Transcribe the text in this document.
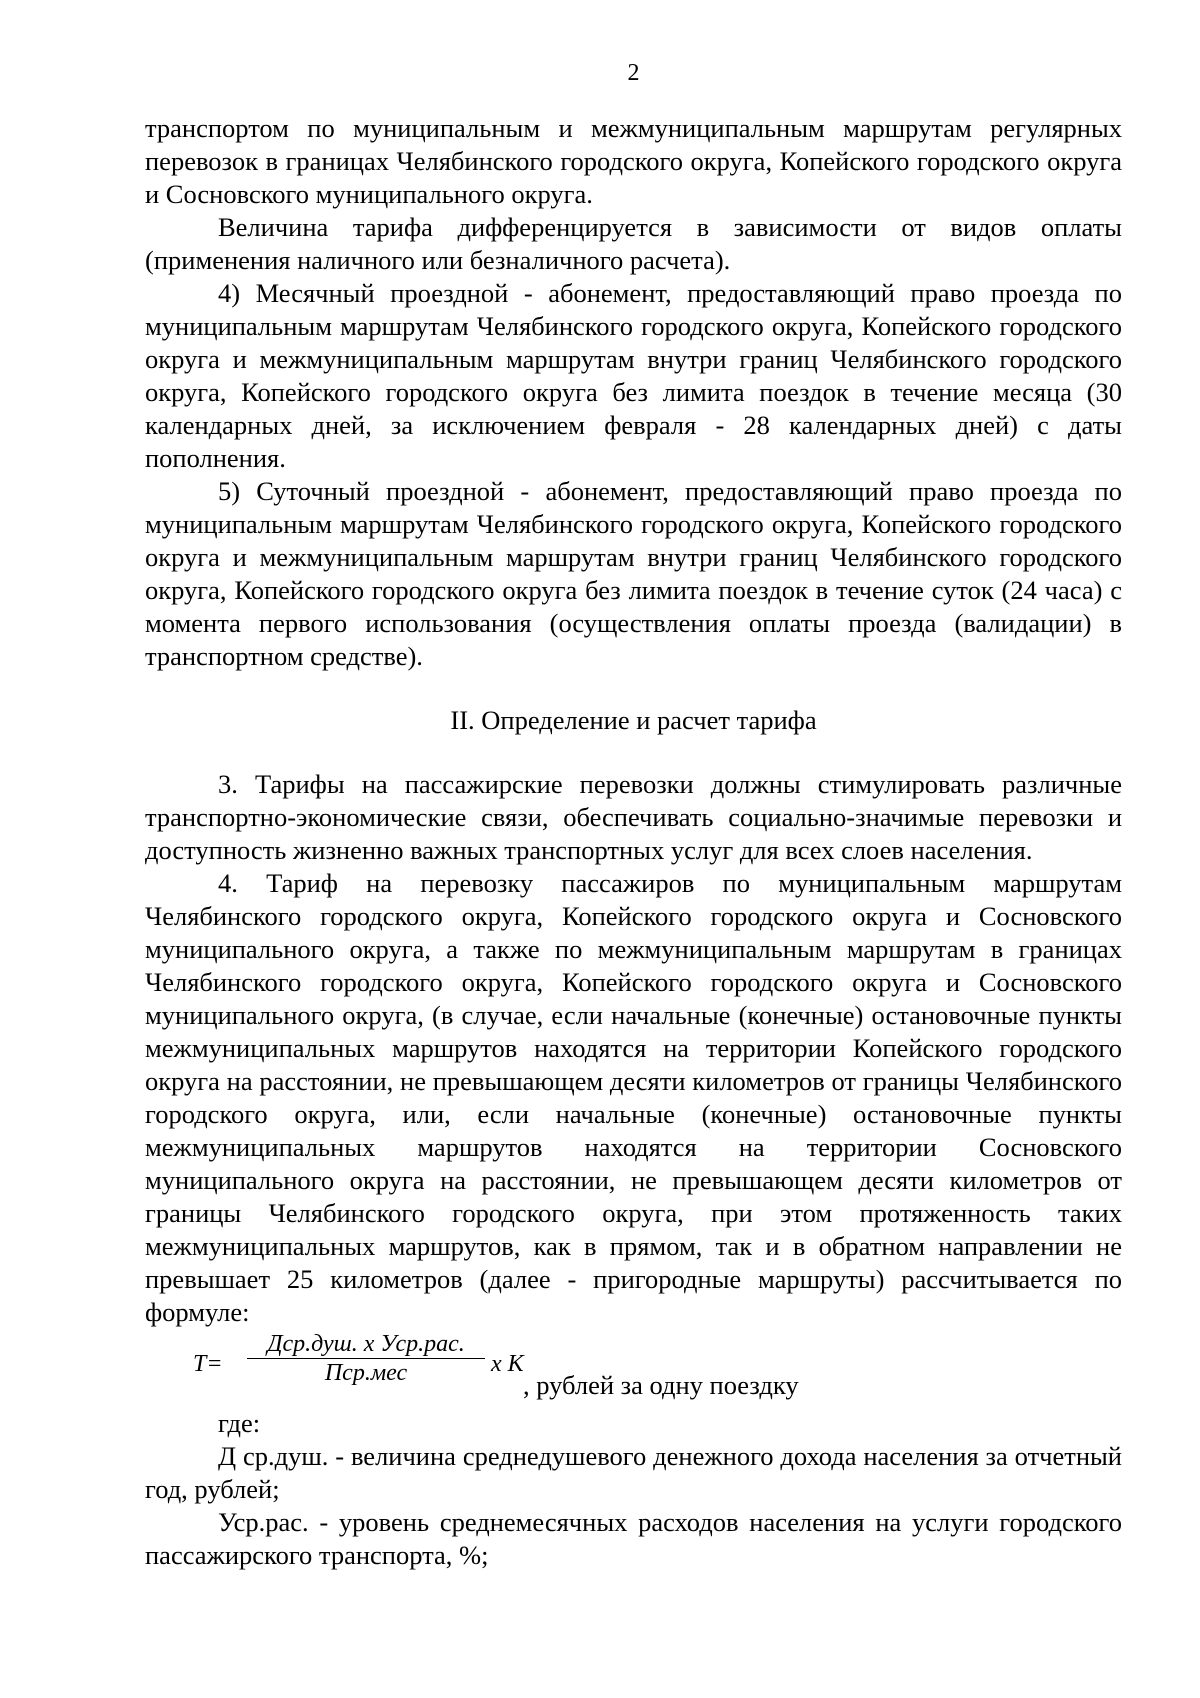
2

транспортом по муниципальным и межмуниципальным маршрутам регулярных перевозок в границах Челябинского городского округа, Копейского городского округа и Сосновского муниципального округа.

Величина тарифа дифференцируется в зависимости от видов оплаты (применения наличного или безналичного расчета).

4) Месячный проездной - абонемент, предоставляющий право проезда по муниципальным маршрутам Челябинского городского округа, Копейского городского округа и межмуниципальным маршрутам внутри границ Челябинского городского округа, Копейского городского округа без лимита поездок в течение месяца (30 календарных дней, за исключением февраля - 28 календарных дней) с даты пополнения.

5) Суточный проездной - абонемент, предоставляющий право проезда по муниципальным маршрутам Челябинского городского округа, Копейского городского округа и межмуниципальным маршрутам внутри границ Челябинского городского округа, Копейского городского округа без лимита поездок в течение суток (24 часа) с момента первого использования (осуществления оплаты проезда (валидации) в транспортном средстве).

II. Определение и расчет тарифа

3. Тарифы на пассажирские перевозки должны стимулировать различные транспортно-экономические связи, обеспечивать социально-значимые перевозки и доступность жизненно важных транспортных услуг для всех слоев населения.

4. Тариф на перевозку пассажиров по муниципальным маршрутам Челябинского городского округа, Копейского городского округа и Сосновского муниципального округа, а также по межмуниципальным маршрутам в границах Челябинского городского округа, Копейского городского округа и Сосновского муниципального округа, (в случае, если начальные (конечные) остановочные пункты межмуниципальных маршрутов находятся на территории Копейского городского округа на расстоянии, не превышающем десяти километров от границы Челябинского городского округа, или, если начальные (конечные) остановочные пункты межмуниципальных маршрутов находятся на территории Сосновского муниципального округа на расстоянии, не превышающем десяти километров от границы Челябинского городского округа, при этом протяженность таких межмуниципальных маршрутов, как в прямом, так и в обратном направлении не превышает 25 километров (далее - пригородные маршруты) рассчитывается по формуле:

Т=
Дср.душ. x Уср.рас.
Пср.мес	x К
, рублей за одну поездку

где:

Д ср.душ. - величина среднедушевого денежного дохода населения за отчетный год, рублей;

Уср.рас. - уровень среднемесячных расходов населения на услуги городского пассажирского транспорта, %;
